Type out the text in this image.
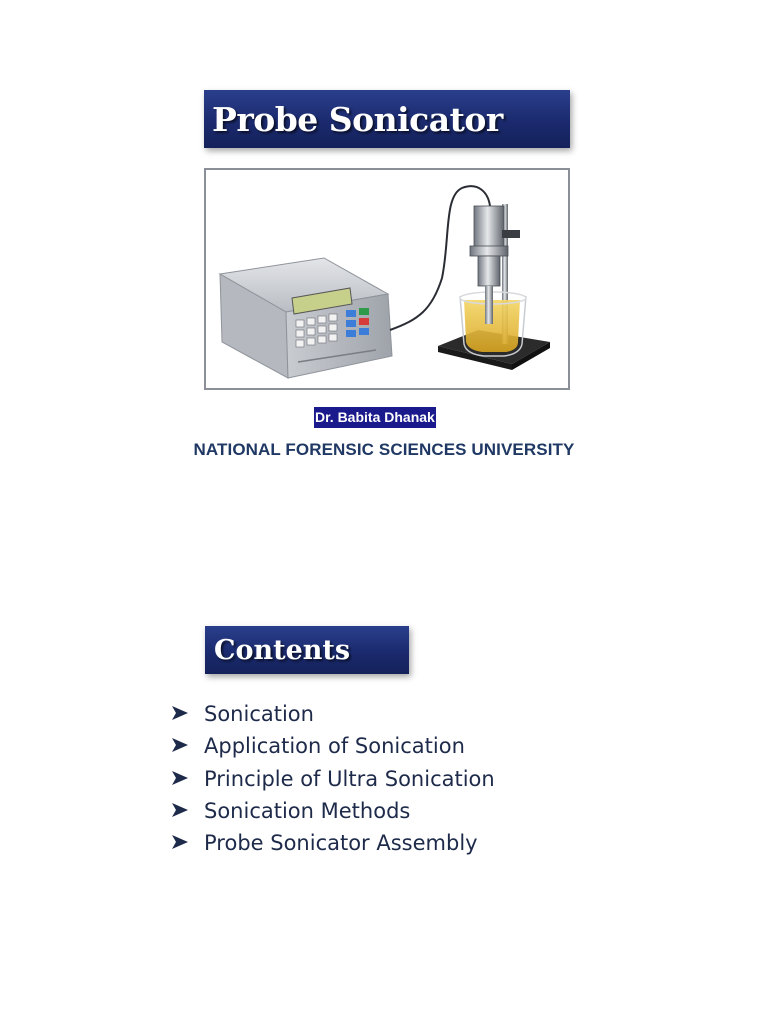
Probe Sonicator
Dr. Babita Dhanak
NATIONAL FORENSIC SCIENCES UNIVERSITY
Contents
Sonication
Application of Sonication
Principle of Ultra Sonication
Sonication Methods
Probe Sonicator Assembly
